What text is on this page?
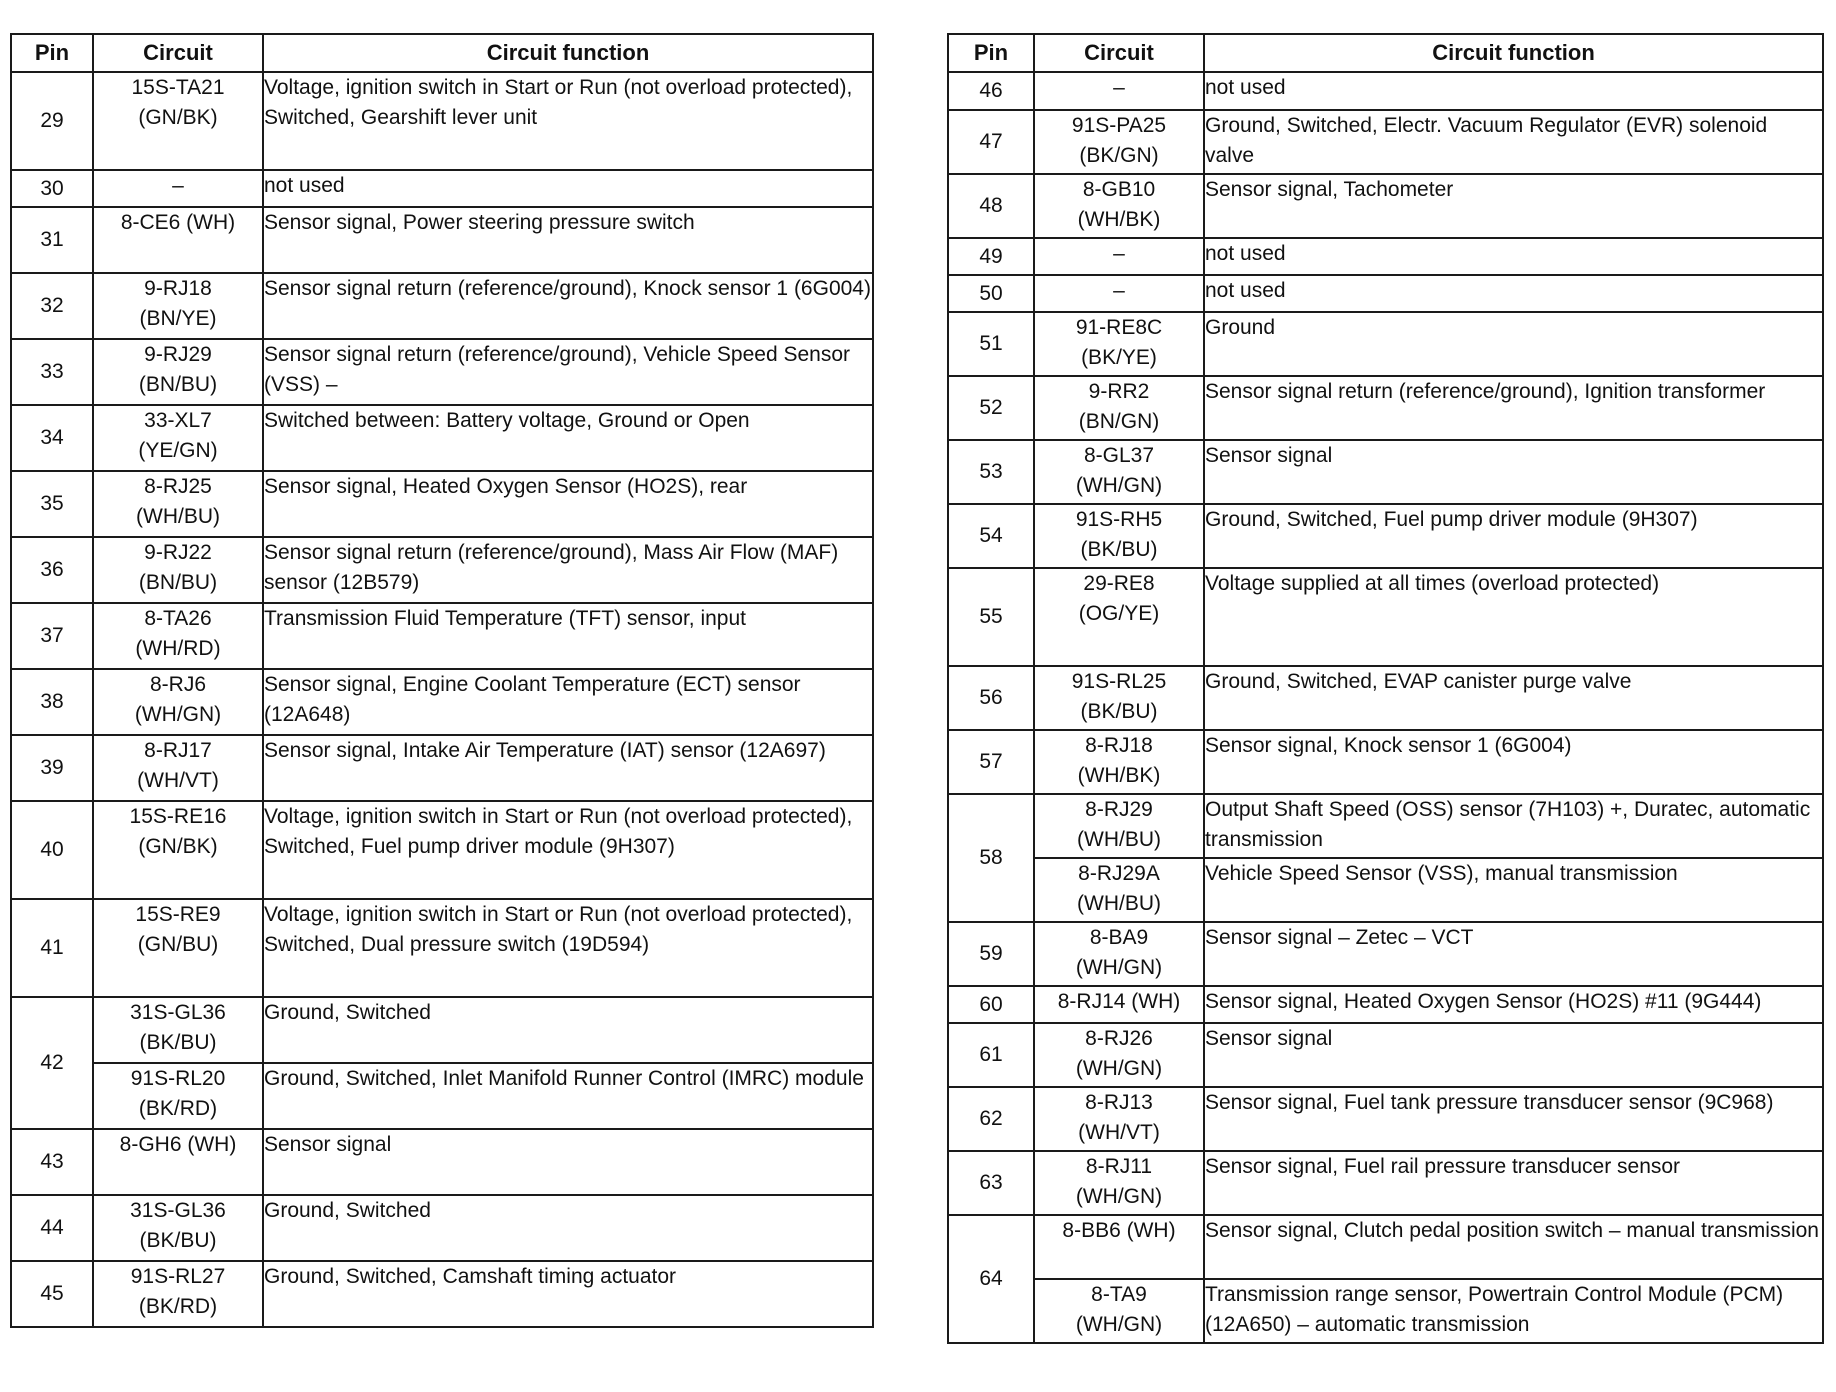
Pin	Circuit	Circuit function
29	15S-TA21
(GN/BK)	Voltage, ignition switch in Start or Run (not overload protected), Switched, Gearshift lever unit
30	–	not used
31	8-CE6 (WH)	Sensor signal, Power steering pressure switch
32	9-RJ18
(BN/YE)	Sensor signal return (reference/ground), Knock sensor 1 (6G004)
33	9-RJ29
(BN/BU)	Sensor signal return (reference/ground), Vehicle Speed Sensor (VSS) –
34	33-XL7
(YE/GN)	Switched between: Battery voltage, Ground or Open
35	8-RJ25
(WH/BU)	Sensor signal, Heated Oxygen Sensor (HO2S), rear
36	9-RJ22
(BN/BU)	Sensor signal return (reference/ground), Mass Air Flow (MAF) sensor (12B579)
37	8-TA26
(WH/RD)	Transmission Fluid Temperature (TFT) sensor, input
38	8-RJ6
(WH/GN)	Sensor signal, Engine Coolant Temperature (ECT) sensor (12A648)
39	8-RJ17
(WH/VT)	Sensor signal, Intake Air Temperature (IAT) sensor (12A697)
40	15S-RE16
(GN/BK)	Voltage, ignition switch in Start or Run (not overload protected), Switched, Fuel pump driver module (9H307)
41	15S-RE9
(GN/BU)	Voltage, ignition switch in Start or Run (not overload protected), Switched, Dual pressure switch (19D594)
42	31S-GL36
(BK/BU)	Ground, Switched

	91S-RL20
(BK/RD)	Ground, Switched, Inlet Manifold Runner Control (IMRC) module
43	8-GH6 (WH)	Sensor signal
44	31S-GL36
(BK/BU)	Ground, Switched
45	91S-RL27
(BK/RD)	Ground, Switched, Camshaft timing actuator
Pin	Circuit	Circuit function
46	–	not used
47	91S-PA25
(BK/GN)	Ground, Switched, Electr. Vacuum Regulator (EVR) solenoid valve
48	8-GB10
(WH/BK)	Sensor signal, Tachometer
49	–	not used
50	–	not used
51	91-RE8C
(BK/YE)	Ground
52	9-RR2
(BN/GN)	Sensor signal return (reference/ground), Ignition transformer
53	8-GL37
(WH/GN)	Sensor signal
54	91S-RH5
(BK/BU)	Ground, Switched, Fuel pump driver module (9H307)
55	29-RE8
(OG/YE)	Voltage supplied at all times (overload protected)
56	91S-RL25
(BK/BU)	Ground, Switched, EVAP canister purge valve
57	8-RJ18
(WH/BK)	Sensor signal, Knock sensor 1 (6G004)
58	8-RJ29
(WH/BU)	Output Shaft Speed (OSS) sensor (7H103) +, Duratec, automatic transmission

	8-RJ29A
(WH/BU)	Vehicle Speed Sensor (VSS), manual transmission
59	8-BA9
(WH/GN)	Sensor signal – Zetec – VCT
60	8-RJ14 (WH)	Sensor signal, Heated Oxygen Sensor (HO2S) #11 (9G444)
61	8-RJ26
(WH/GN)	Sensor signal
62	8-RJ13
(WH/VT)	Sensor signal, Fuel tank pressure transducer sensor (9C968)
63	8-RJ11
(WH/GN)	Sensor signal, Fuel rail pressure transducer sensor
64	8-BB6 (WH)	Sensor signal, Clutch pedal position switch – manual transmission

	8-TA9
(WH/GN)	Transmission range sensor, Powertrain Control Module (PCM) (12A650) – automatic transmission
